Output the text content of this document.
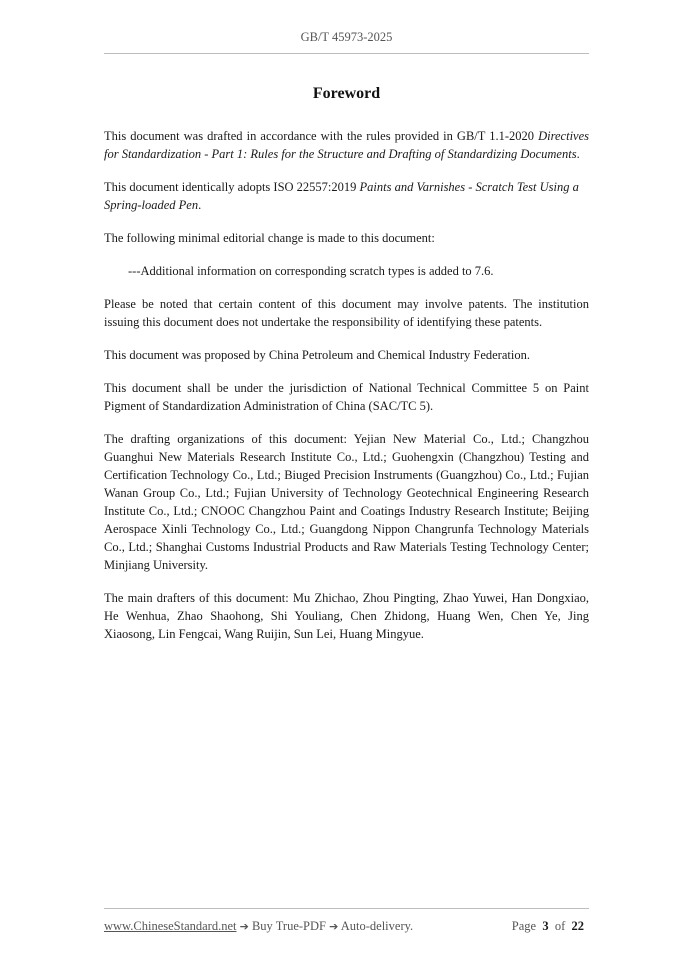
GB/T 45973-2025
Foreword

This document was drafted in accordance with the rules provided in GB/T 1.1-2020 Directives for Standardization - Part 1: Rules for the Structure and Drafting of Standardizing Documents.

This document identically adopts ISO 22557:2019 Paints and Varnishes - Scratch Test Using a Spring-loaded Pen.

The following minimal editorial change is made to this document:

---Additional information on corresponding scratch types is added to 7.6.

Please be noted that certain content of this document may involve patents. The institution issuing this document does not undertake the responsibility of identifying these patents.

This document was proposed by China Petroleum and Chemical Industry Federation.

This document shall be under the jurisdiction of National Technical Committee 5 on Paint Pigment of Standardization Administration of China (SAC/TC 5).

The drafting organizations of this document: Yejian New Material Co., Ltd.; Changzhou Guanghui New Materials Research Institute Co., Ltd.; Guohengxin (Changzhou) Testing and Certification Technology Co., Ltd.; Biuged Precision Instruments (Guangzhou) Co., Ltd.; Fujian Wanan Group Co., Ltd.; Fujian University of Technology Geotechnical Engineering Research Institute Co., Ltd.; CNOOC Changzhou Paint and Coatings Industry Research Institute; Beijing Aerospace Xinli Technology Co., Ltd.; Guangdong Nippon Changrunfa Technology Materials Co., Ltd.; Shanghai Customs Industrial Products and Raw Materials Testing Technology Center; Minjiang University.

The main drafters of this document: Mu Zhichao, Zhou Pingting, Zhao Yuwei, Han Dongxiao, He Wenhua, Zhao Shaohong, Shi Youliang, Chen Zhidong, Huang Wen, Chen Ye, Jing Xiaosong, Lin Fengcai, Wang Ruijin, Sun Lei, Huang Mingyue.

www.ChineseStandard.net ➔ Buy True-PDF ➔ Auto-delivery.	Page 3 of 22
